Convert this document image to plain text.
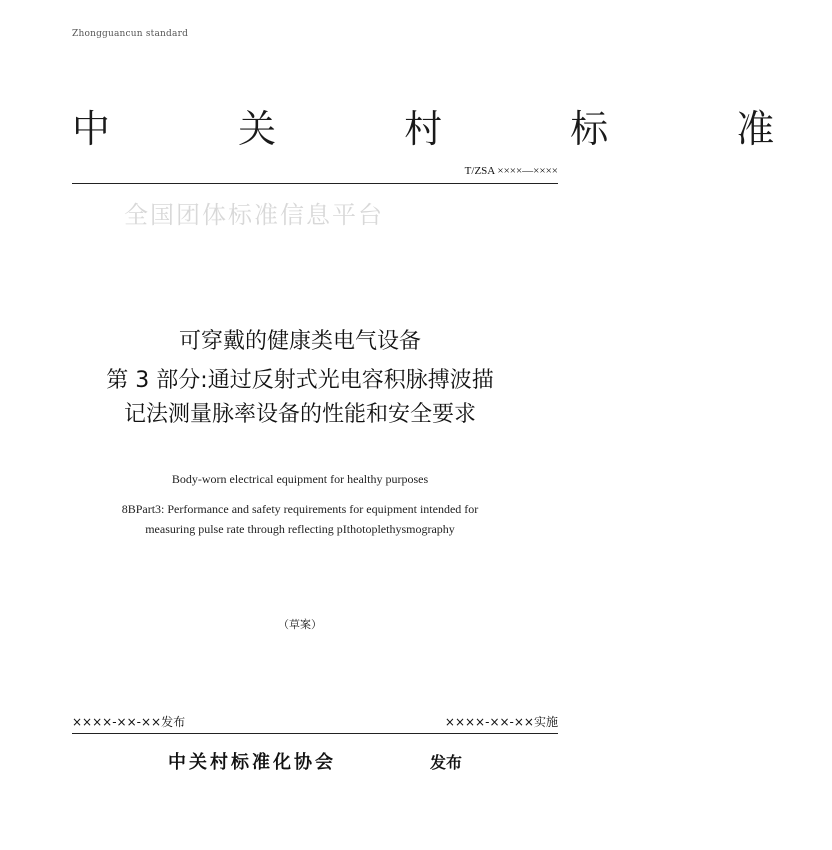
Zhongguancun standard
中 关 村 标 准
T/ZSA ××××—××××
全国团体标准信息平台
可穿戴的健康类电气设备
第 3 部分:通过反射式光电容积脉搏波描
记法测量脉率设备的性能和安全要求
Body-worn electrical equipment for healthy purposes
8BPart3: Performance and safety requirements for equipment intended for
measuring pulse rate through reflecting pIthotoplethysmography
（草案）
××××-××-××发布	××××-××-××实施
中关村标准化协会	发布
